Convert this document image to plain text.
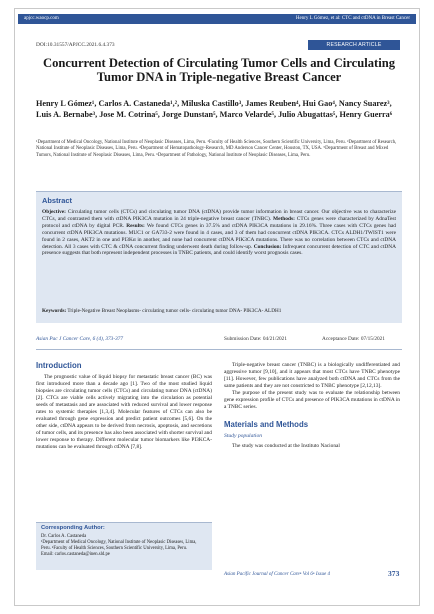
apjcc.waocp.com	Henry L Gómez, et al: CTC and ctDNA in Breast Cancer
DOI:10.31557/APJCC.2021.6.4.373	RESEARCH ARTICLE
Concurrent Detection of Circulating Tumor Cells and Circulating Tumor DNA in Triple-negative Breast Cancer
Henry L Gómez¹, Carlos A. Castaneda¹,², Miluska Castillo³, James Reuben⁴, Hui Gao⁴, Nancy Suarez³, Luis A. Bernabe³, Jose M. Cotrina⁵, Jorge Dunstan⁵, Marco Velarde⁵, Julio Abugattas⁵, Henry Guerra⁶
¹Department of Medical Oncology, National Institute of Neoplasic Diseases, Lima, Peru. ²Faculty of Health Sciences, Southern Scientific University, Lima, Peru. ³Department of Research, National Institute of Neoplasic Diseases, Lima, Peru. ⁴Department of Hematopathology-Research, MD Anderson Cancer Center, Houston, TX, USA. ⁵Department of Breast and Mixed Tumors, National Institute of Neoplasic Diseases, Lima, Peru. ⁶Department of Pathology, National Institute of Neoplasic Diseases, Lima, Peru.
Abstract
Objective: Circulating tumor cells (CTCs) and circulating tumor DNA (ctDNA) provide tumor information in breast cancer. Our objective was to characterize CTCs, and contrasted them with ctDNA PIK3CA mutation in 24 triple-negative breast cancer (TNBC). Methods: CTCs genes were characterized by AdnaTest protocol and ctDNA by digital PCR. Results: We found CTCs genes in 37.5% and ctDNA PIK3CA mutations in 29.16%. Three cases with CTCs genes had concurrent ctDNA PIK3CA mutations. MUC1 or GA733-2 were found in 4 cases, and 3 of them had concurrent ctDNA PIK3CA. CTCs ALDH1/TWIST1 were found in 2 cases, AKT2 in one and PI3Kα in another, and none had concurrent ctDNA PIK3CA mutations. There was no correlation between CTCs and ctDNA detection. All 3 cases with CTC & cDNA concurrent finding underwent death during follow-up. Conclusion: Infrequent concurrent detection of CTC and ctDNA presence suggests that both represent independent processes in TNBC patients, and could identify worst prognosis cases.
Keywords: Triple-Negative Breast Neoplasms- circulating tumor cells- circulating tumor DNA- PIK3CA- ALDH1
Asian Pac J Cancer Care, 6 (4), 373-377	Submission Date: 04/21/2021	Acceptance Date: 07/15/2021
Introduction

The prognostic value of liquid biopsy for metastatic breast cancer (BC) was first introduced more than a decade ago [1]. Two of the most studied liquid biopsies are circulating tumor cells (CTCs) and circulating tumor DNA (ctDNA) [2]. CTCs are viable cells actively migrating into the circulation as potential seeds of metastasis and are associated with reduced survival and lower response rates to systemic therapies [1,3,4]. Molecular features of CTCs can also be evaluated through gene expression and predict patient outcomes [5,6]. On the other side, ctDNA appears to be derived from necrosis, apoptosis, and secretions of tumor cells, and its presence has also been associated with shorter survival and lower response to therapy. Different molecular tumor biomarkers like PI3KCA-mutations can be evaluated through ctDNA [7,8].

Triple-negative breast cancer (TNBC) is a biologically undifferentiated and aggressive tumor [9,10], and it appears that most CTCs have TNBC phenotype [11]. However, few publications have analyzed both ctDNA and CTCs from the same patients and they are not constricted to TNBC phenotype [2,12,13].

The purpose of the present study was to evaluate the relationship between gene expression profile of CTCs and presence of PIK3CA mutations in ctDNA in a TNBC series.

Materials and Methods
Study population

The study was conducted at the Instituto Nacional

Corresponding Author:
Dr. Carlos A. Castaneda
¹Department of Medical Oncology, National Institute of Neoplasic Diseases, Lima, Peru. ²Faculty of Health Sciences, Southern Scientific University, Lima, Peru.
Email: carlos.castaneda@inen.sld.pe
Asian Pacific Journal of Cancer Care• Vol 6• Issue 4	373
